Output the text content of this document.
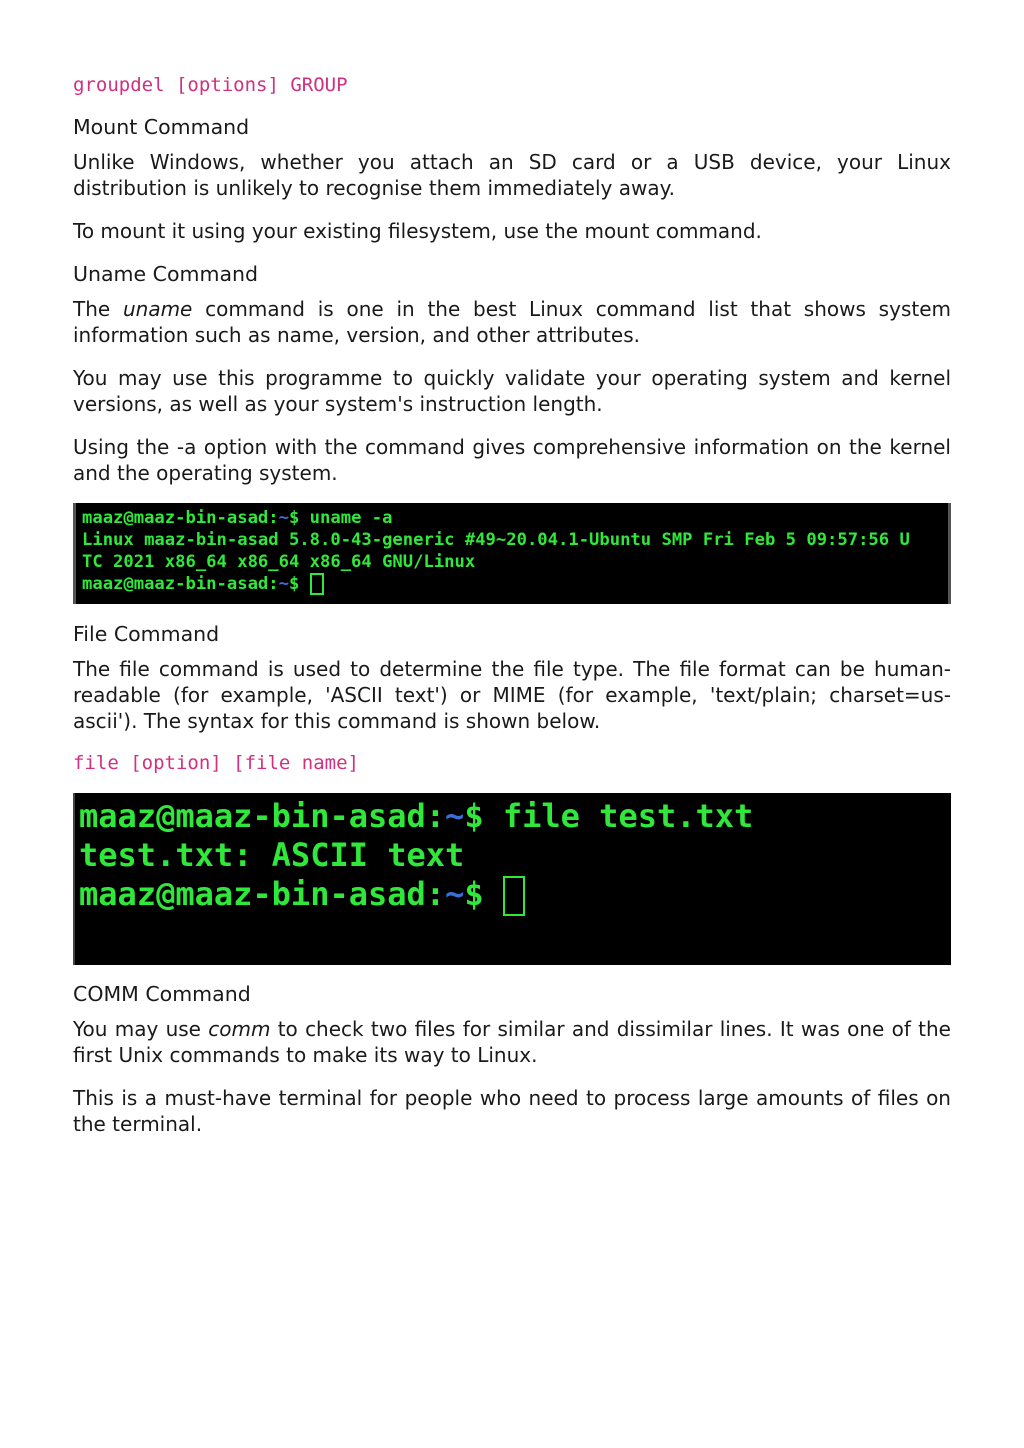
groupdel [options] GROUP

Mount Command

Unlike Windows, whether you attach an SD card or a USB device, your Linux distribution is unlikely to recognise them immediately away.

To mount it using your existing filesystem, use the mount command.

Uname Command

The uname command is one in the best Linux command list that shows system information such as name, version, and other attributes.

You may use this programme to quickly validate your operating system and kernel versions, as well as your system's instruction length.

Using the -a option with the command gives comprehensive information on the kernel and the operating system.

maaz@maaz-bin-asad:~$ uname -a
Linux maaz-bin-asad 5.8.0-43-generic #49~20.04.1-Ubuntu SMP Fri Feb 5 09:57:56 U
TC 2021 x86_64 x86_64 x86_64 GNU/Linux
maaz@maaz-bin-asad:~$

File Command

The file command is used to determine the file type. The file format can be human-readable (for example, 'ASCII text') or MIME (for example, 'text/plain; charset=us-ascii'). The syntax for this command is shown below.

file [option] [file name]

maaz@maaz-bin-asad:~$ file test.txt
test.txt: ASCII text
maaz@maaz-bin-asad:~$

COMM Command

You may use comm to check two files for similar and dissimilar lines. It was one of the first Unix commands to make its way to Linux.

This is a must-have terminal for people who need to process large amounts of files on the terminal.
